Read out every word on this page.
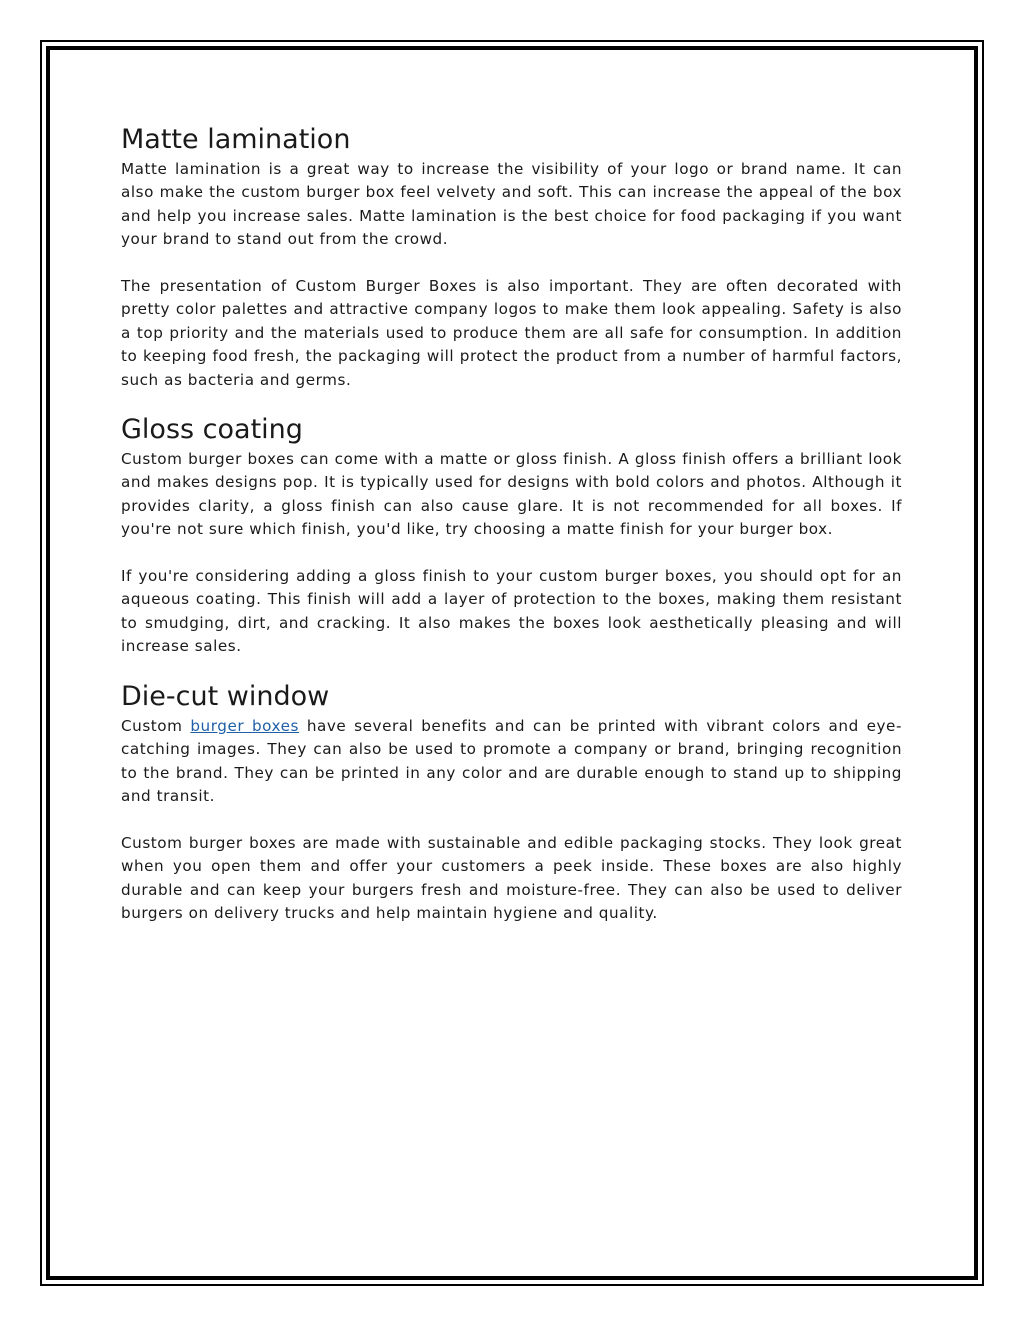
Matte lamination

Matte lamination is a great way to increase the visibility of your logo or brand name. It can also make the custom burger box feel velvety and soft. This can increase the appeal of the box and help you increase sales. Matte lamination is the best choice for food packaging if you want your brand to stand out from the crowd.

The presentation of Custom Burger Boxes is also important. They are often decorated with pretty color palettes and attractive company logos to make them look appealing. Safety is also a top priority and the materials used to produce them are all safe for consumption. In addition to keeping food fresh, the packaging will protect the product from a number of harmful factors, such as bacteria and germs.

Gloss coating

Custom burger boxes can come with a matte or gloss finish. A gloss finish offers a brilliant look and makes designs pop. It is typically used for designs with bold colors and photos. Although it provides clarity, a gloss finish can also cause glare. It is not recommended for all boxes. If you're not sure which finish, you'd like, try choosing a matte finish for your burger box.

If you're considering adding a gloss finish to your custom burger boxes, you should opt for an aqueous coating. This finish will add a layer of protection to the boxes, making them resistant to smudging, dirt, and cracking. It also makes the boxes look aesthetically pleasing and will increase sales.

Die-cut window

Custom burger boxes have several benefits and can be printed with vibrant colors and eye-catching images. They can also be used to promote a company or brand, bringing recognition to the brand. They can be printed in any color and are durable enough to stand up to shipping and transit.

Custom burger boxes are made with sustainable and edible packaging stocks. They look great when you open them and offer your customers a peek inside. These boxes are also highly durable and can keep your burgers fresh and moisture-free. They can also be used to deliver burgers on delivery trucks and help maintain hygiene and quality.
